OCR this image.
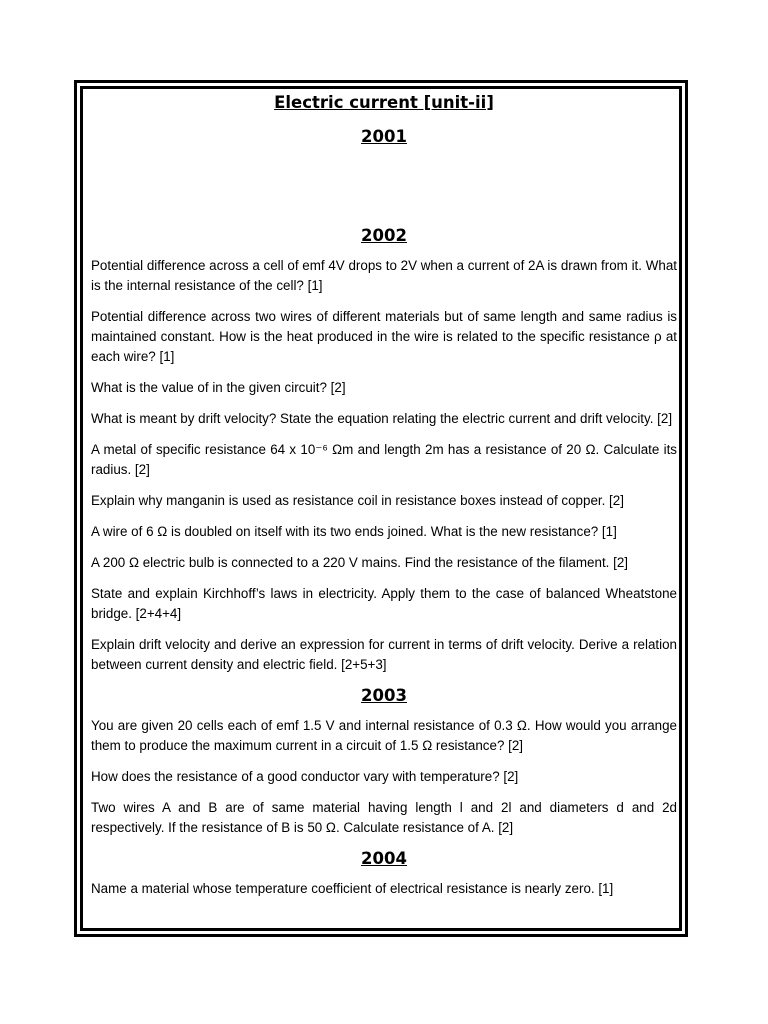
Electric current [unit-ii]
2001
2002

Potential difference across a cell of emf 4V drops to 2V when a current of 2A is drawn from it. What is the internal resistance of the cell? [1]

Potential difference across two wires of different materials but of same length and same radius is maintained constant. How is the heat produced in the wire is related to the specific resistance ρ at each wire? [1]

What is the value of in the given circuit? [2]

What is meant by drift velocity? State the equation relating the electric current and drift velocity. [2]

A metal of specific resistance 64 x 10⁻⁶ Ωm and length 2m has a resistance of 20 Ω. Calculate its radius. [2]

Explain why manganin is used as resistance coil in resistance boxes instead of copper. [2]

A wire of 6 Ω is doubled on itself with its two ends joined. What is the new resistance? [1]

A 200 Ω electric bulb is connected to a 220 V mains. Find the resistance of the filament. [2]

State and explain Kirchhoff’s laws in electricity. Apply them to the case of balanced Wheatstone bridge. [2+4+4]

Explain drift velocity and derive an expression for current in terms of drift velocity. Derive a relation between current density and electric field. [2+5+3]

2003

You are given 20 cells each of emf 1.5 V and internal resistance of 0.3 Ω. How would you arrange them to produce the maximum current in a circuit of 1.5 Ω resistance? [2]

How does the resistance of a good conductor vary with temperature? [2]

Two wires A and B are of same material having length l and 2l and diameters d and 2d respectively. If the resistance of B is 50 Ω. Calculate resistance of A. [2]

2004

Name a material whose temperature coefficient of electrical resistance is nearly zero. [1]
